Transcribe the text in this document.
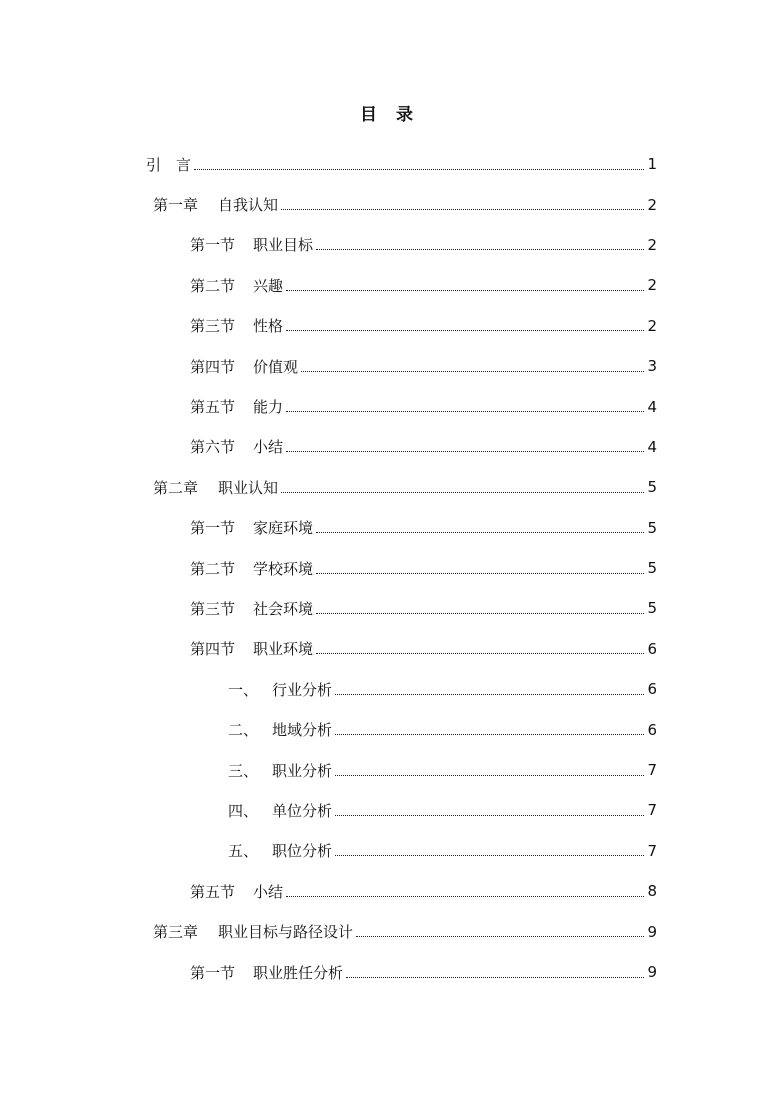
目　录
引 言	1
第一章 自我认知	2
第一节 职业目标	2
第二节 兴趣	2
第三节 性格	2
第四节 价值观	3
第五节 能力	4
第六节 小结	4
第二章 职业认知	5
第一节 家庭环境	5
第二节 学校环境	5
第三节 社会环境	5
第四节 职业环境	6
一、 行业分析	6
二、 地域分析	6
三、 职业分析	7
四、 单位分析	7
五、 职位分析	7
第五节 小结	8
第三章 职业目标与路径设计	9
第一节 职业胜任分析	9
